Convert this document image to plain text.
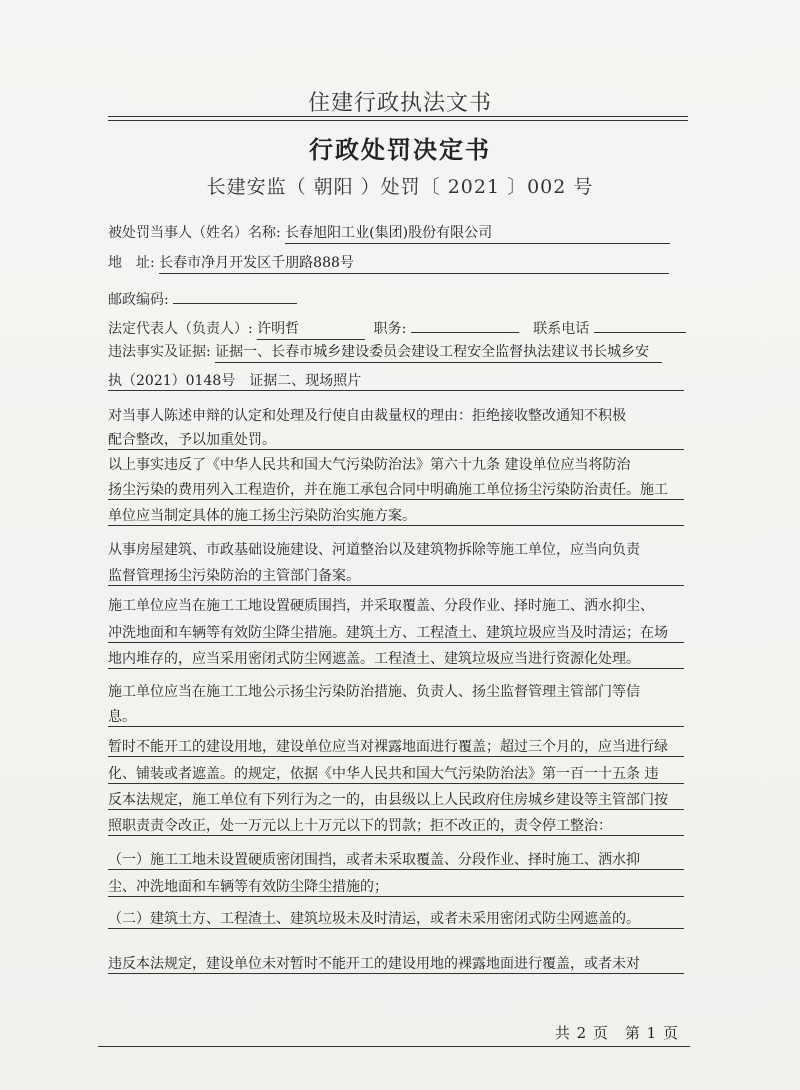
住建行政执法文书
行政处罚决定书
长建安监（ 朝阳 ）处罚〔 2021 〕002 号
被处罚当事人（姓名）名称: 长春旭阳工业(集团)股份有限公司
地　址: 长春市净月开发区千朋路888号
邮政编码:
法定代表人（负责人）: 许明哲	职务:	联系电话
违法事实及证据: 证据一、长春市城乡建设委员会建设工程安全监督执法建议书长城乡安
执（2021）0148号　证据二、现场照片
对当事人陈述申辩的认定和处理及行使自由裁量权的理由：拒绝接收整改通知不积极
配合整改，予以加重处罚。
以上事实违反了《中华人民共和国大气污染防治法》第六十九条 建设单位应当将防治
扬尘污染的费用列入工程造价，并在施工承包合同中明确施工单位扬尘污染防治责任。施工
单位应当制定具体的施工扬尘污染防治实施方案。
从事房屋建筑、市政基础设施建设、河道整治以及建筑物拆除等施工单位，应当向负责
监督管理扬尘污染防治的主管部门备案。
施工单位应当在施工工地设置硬质围挡，并采取覆盖、分段作业、择时施工、洒水抑尘、
冲洗地面和车辆等有效防尘降尘措施。建筑土方、工程渣土、建筑垃圾应当及时清运；在场
地内堆存的，应当采用密闭式防尘网遮盖。工程渣土、建筑垃圾应当进行资源化处理。
施工单位应当在施工工地公示扬尘污染防治措施、负责人、扬尘监督管理主管部门等信
息。
暂时不能开工的建设用地，建设单位应当对裸露地面进行覆盖；超过三个月的，应当进行绿
化、铺装或者遮盖。的规定，依据《中华人民共和国大气污染防治法》第一百一十五条 违
反本法规定，施工单位有下列行为之一的，由县级以上人民政府住房城乡建设等主管部门按
照职责责令改正，处一万元以上十万元以下的罚款；拒不改正的，责令停工整治：
（一）施工工地未设置硬质密闭围挡，或者未采取覆盖、分段作业、择时施工、洒水抑
尘、冲洗地面和车辆等有效防尘降尘措施的；
（二）建筑土方、工程渣土、建筑垃圾未及时清运，或者未采用密闭式防尘网遮盖的。
违反本法规定，建设单位未对暂时不能开工的建设用地的裸露地面进行覆盖，或者未对
共 2 页　第 1 页
